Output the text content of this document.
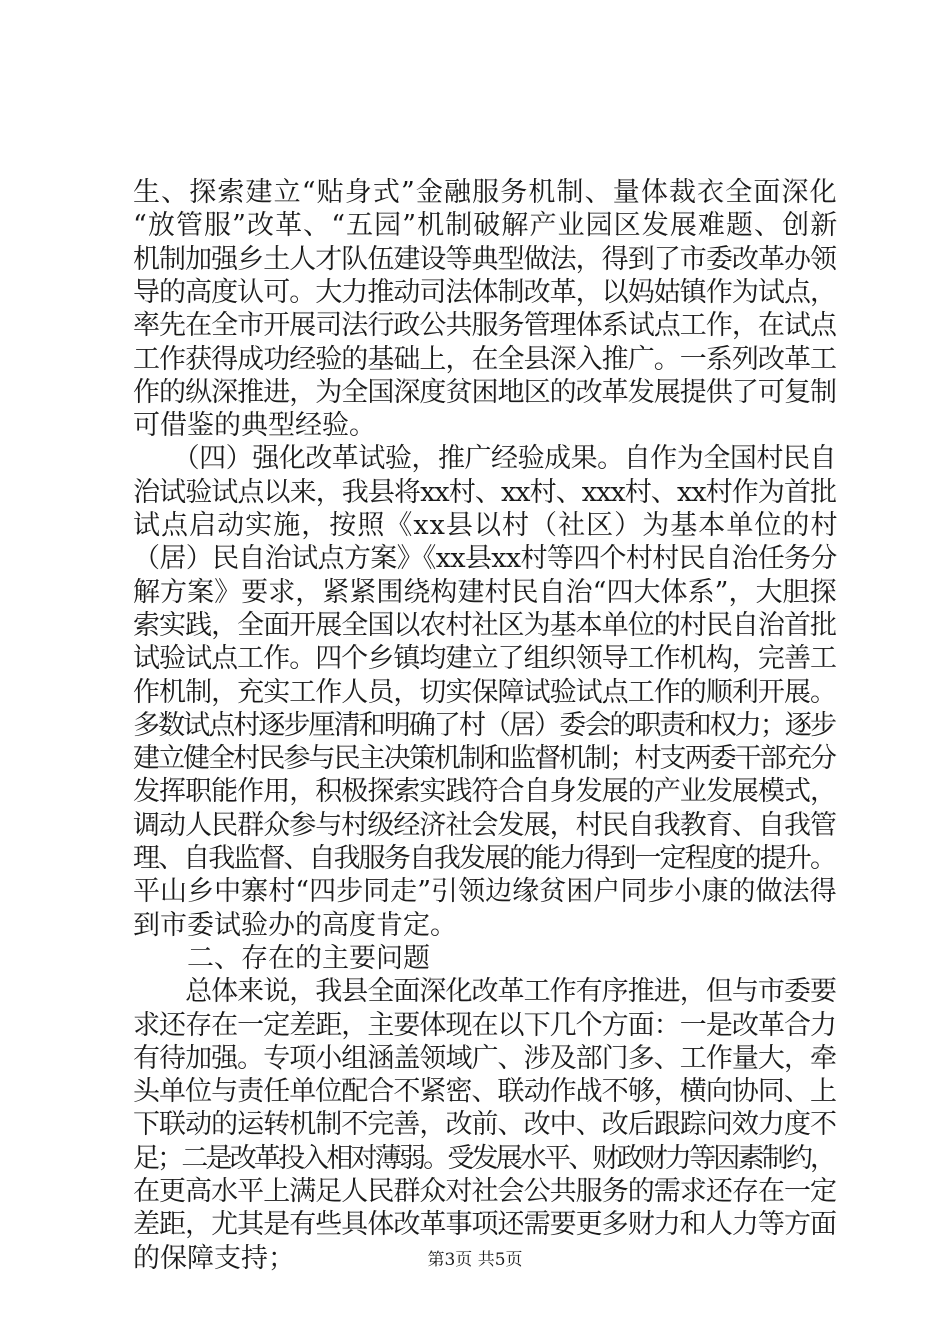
生、探索建立“贴身式”金融服务机制、量体裁衣全面深化

“放管服”改革、“五园”机制破解产业园区发展难题、创新

机制加强乡土人才队伍建设等典型做法，得到了市委改革办领

导的高度认可。大力推动司法体制改革，以妈姑镇作为试点，

率先在全市开展司法行政公共服务管理体系试点工作，在试点

工作获得成功经验的基础上，在全县深入推广。一系列改革工

作的纵深推进，为全国深度贫困地区的改革发展提供了可复制

可借鉴的典型经验。

　　（四）强化改革试验，推广经验成果。自作为全国村民自

治试验试点以来，我县将xx村、xx村、xxx村、xx村作为首批

试点启动实施，按照《xx县以村（社区）为基本单位的村

（居）民自治试点方案》《xx县xx村等四个村村民自治任务分

解方案》要求，紧紧围绕构建村民自治“四大体系”，大胆探

索实践，全面开展全国以农村社区为基本单位的村民自治首批

试验试点工作。四个乡镇均建立了组织领导工作机构，完善工

作机制，充实工作人员，切实保障试验试点工作的顺利开展。

多数试点村逐步厘清和明确了村（居）委会的职责和权力；逐步

建立健全村民参与民主决策机制和监督机制；村支两委干部充分

发挥职能作用，积极探索实践符合自身发展的产业发展模式，

调动人民群众参与村级经济社会发展，村民自我教育、自我管

理、自我监督、自我服务自我发展的能力得到一定程度的提升。

平山乡中寨村“四步同走”引领边缘贫困户同步小康的做法得

到市委试验办的高度肯定。

　　二、存在的主要问题

　　总体来说，我县全面深化改革工作有序推进，但与市委要

求还存在一定差距，主要体现在以下几个方面：一是改革合力

有待加强。专项小组涵盖领域广、涉及部门多、工作量大，牵

头单位与责任单位配合不紧密、联动作战不够，横向协同、上

下联动的运转机制不完善，改前、改中、改后跟踪问效力度不

足；二是改革投入相对薄弱。受发展水平、财政财力等因素制约，

在更高水平上满足人民群众对社会公共服务的需求还存在一定

差距，尤其是有些具体改革事项还需要更多财力和人力等方面

的保障支持；	第3页 共5页
